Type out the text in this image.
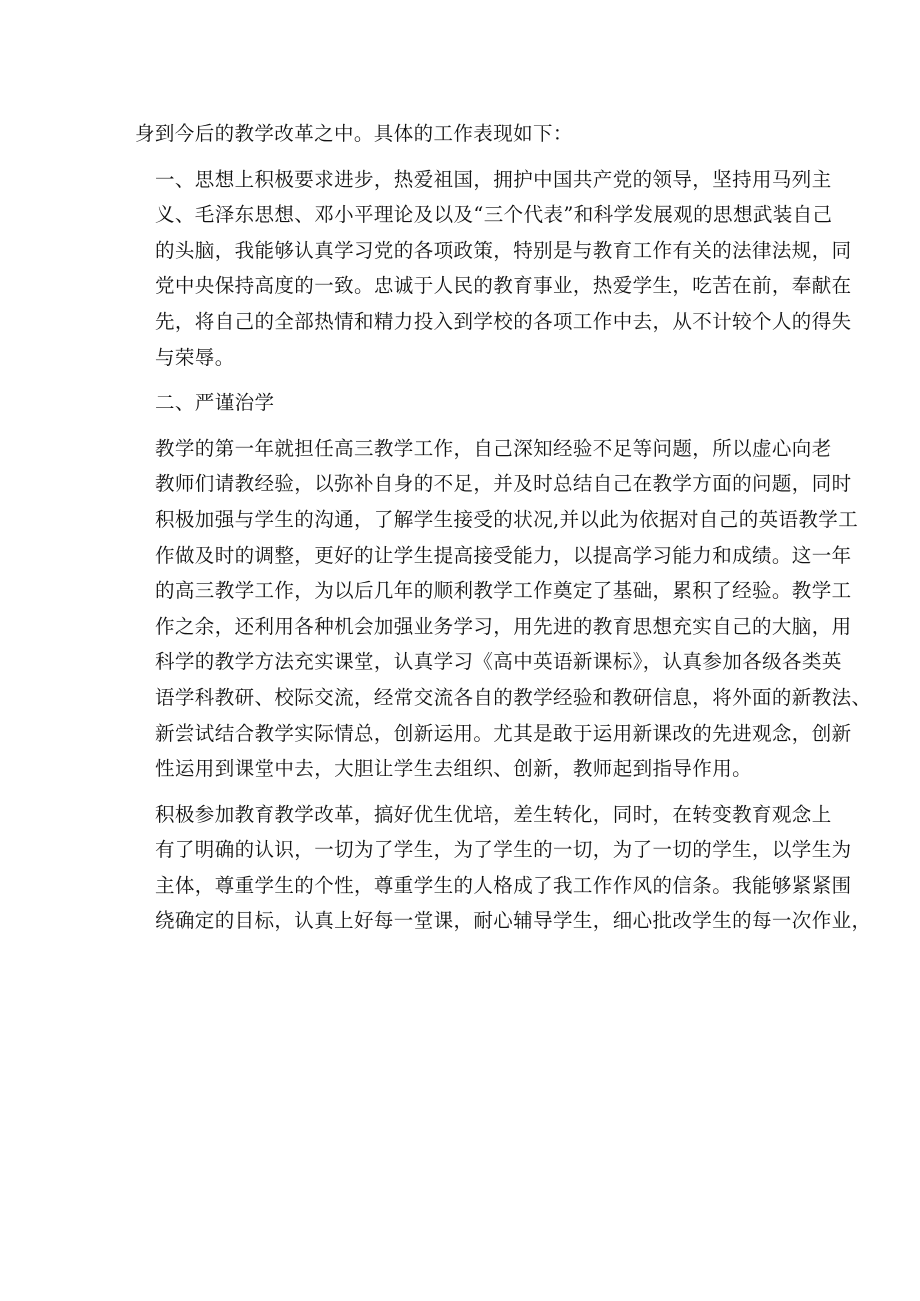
身到今后的教学改革之中。具体的工作表现如下：

一、思想上积极要求进步，热爱祖国，拥护中国共产党的领导，坚持用马列主
义、毛泽东思想、邓小平理论及以及“三个代表”和科学发展观的思想武装自己
的头脑，我能够认真学习党的各项政策，特别是与教育工作有关的法律法规，同
党中央保持高度的一致。忠诚于人民的教育事业，热爱学生，吃苦在前，奉献在
先，将自己的全部热情和精力投入到学校的各项工作中去，从不计较个人的得失
与荣辱。

二、严谨治学

教学的第一年就担任高三教学工作，自己深知经验不足等问题，所以虚心向老
教师们请教经验，以弥补自身的不足，并及时总结自己在教学方面的问题，同时
积极加强与学生的沟通，了解学生接受的状况,并以此为依据对自己的英语教学工
作做及时的调整，更好的让学生提高接受能力，以提高学习能力和成绩。这一年
的高三教学工作，为以后几年的顺利教学工作奠定了基础，累积了经验。教学工
作之余，还利用各种机会加强业务学习，用先进的教育思想充实自己的大脑，用
科学的教学方法充实课堂，认真学习《高中英语新课标》，认真参加各级各类英
语学科教研、校际交流，经常交流各自的教学经验和教研信息，将外面的新教法、
新尝试结合教学实际情总，创新运用。尤其是敢于运用新课改的先进观念，创新
性运用到课堂中去，大胆让学生去组织、创新，教师起到指导作用。

积极参加教育教学改革，搞好优生优培，差生转化，同时，在转变教育观念上
有了明确的认识，一切为了学生，为了学生的一切，为了一切的学生，以学生为
主体，尊重学生的个性，尊重学生的人格成了我工作作风的信条。我能够紧紧围
绕确定的目标，认真上好每一堂课，耐心辅导学生，细心批改学生的每一次作业，
